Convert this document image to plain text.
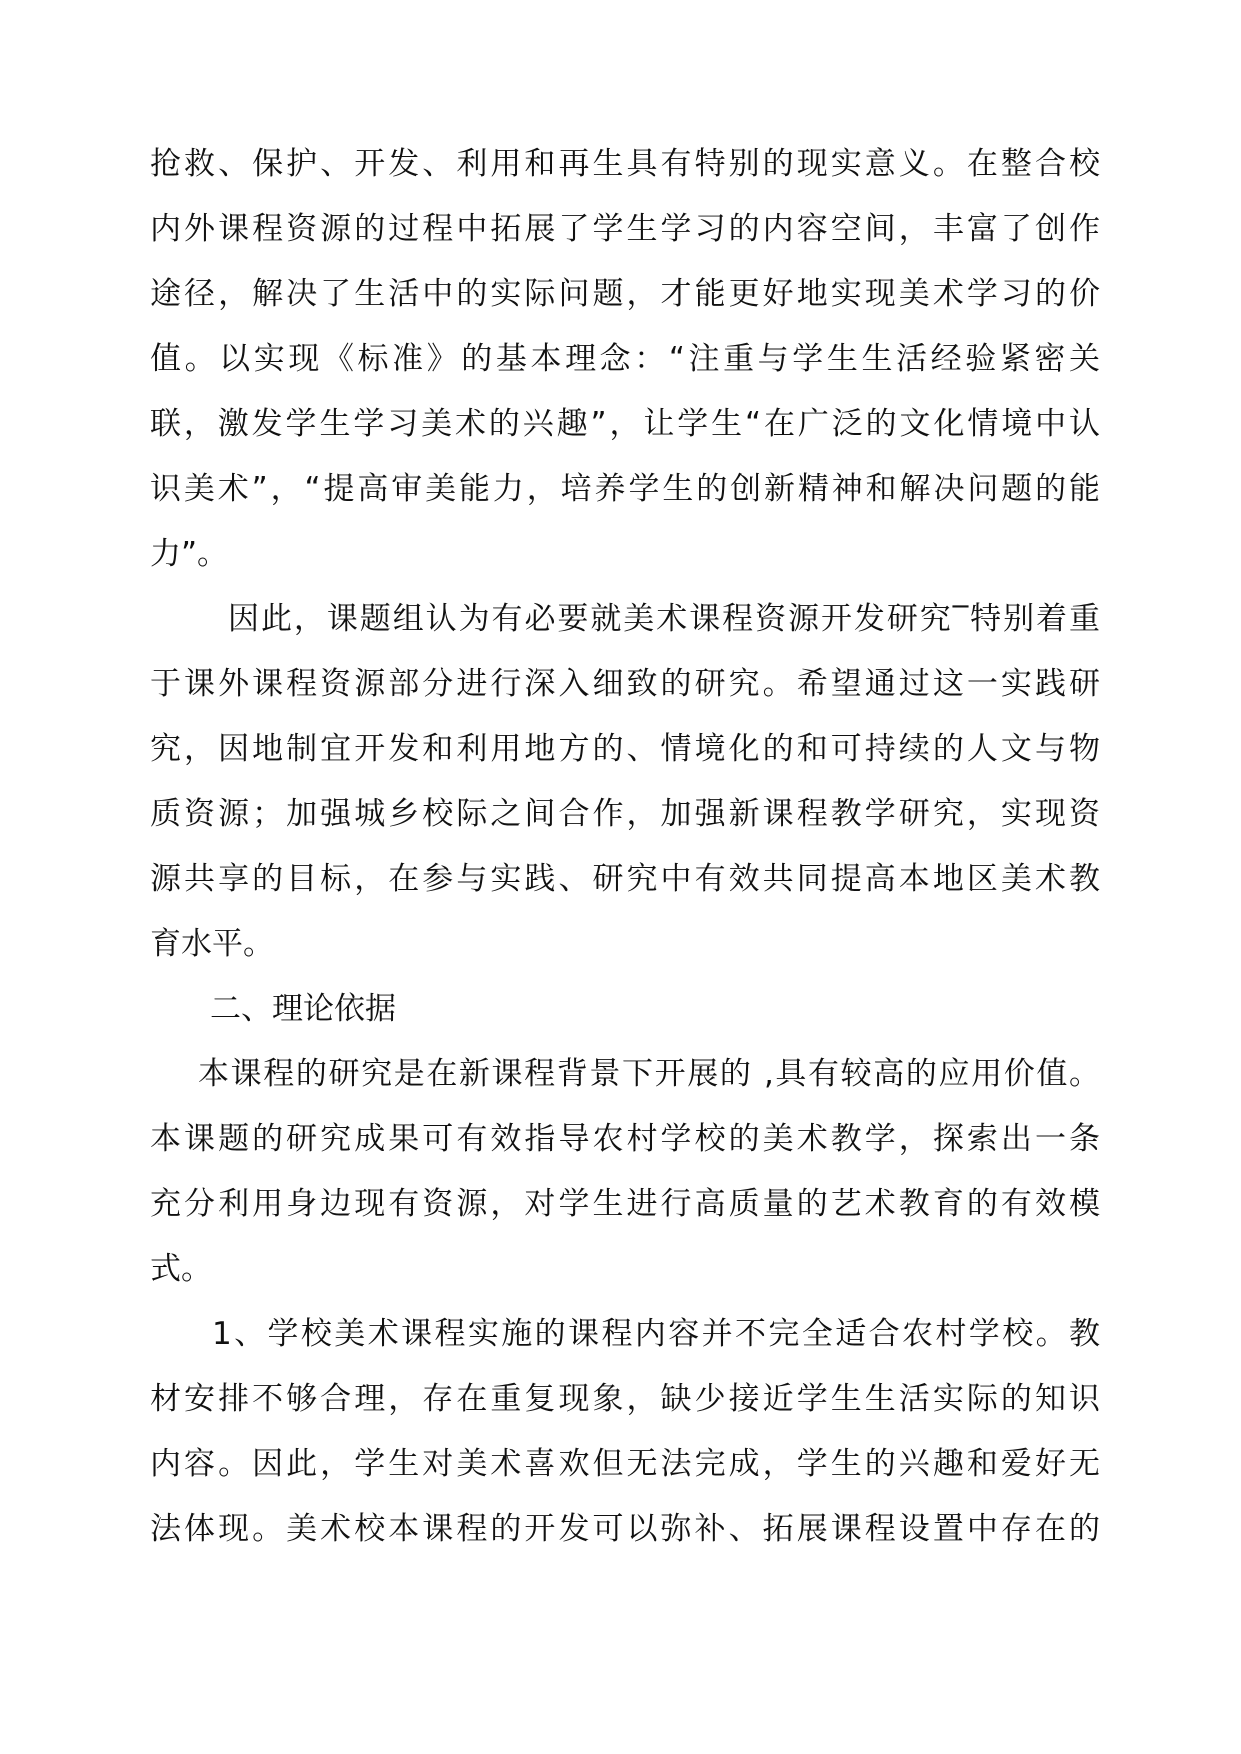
抢救、保护、开发、利用和再生具有特别的现实意义。在整合校
内外课程资源的过程中拓展了学生学习的内容空间，丰富了创作
途径，解决了生活中的实际问题，才能更好地实现美术学习的价
值。以实现《标准》的基本理念：“注重与学生生活经验紧密关
联，激发学生学习美术的兴趣”，让学生“在广泛的文化情境中认
识美术”，“提高审美能力，培养学生的创新精神和解决问题的能
力”。
因此，课题组认为有必要就美术课程资源开发研究‾特别着重
于课外课程资源部分进行深入细致的研究。希望通过这一实践研
究，因地制宜开发和利用地方的、情境化的和可持续的人文与物
质资源；加强城乡校际之间合作，加强新课程教学研究，实现资
源共享的目标，在参与实践、研究中有效共同提高本地区美术教
育水平。
二、理论依据
本课程的研究是在新课程背景下开展的 ,具有较高的应用价值。
本课题的研究成果可有效指导农村学校的美术教学，探索出一条
充分利用身边现有资源，对学生进行高质量的艺术教育的有效模
式。
1、学校美术课程实施的课程内容并不完全适合农村学校。教
材安排不够合理，存在重复现象，缺少接近学生生活实际的知识
内容。因此，学生对美术喜欢但无法完成，学生的兴趣和爱好无
法体现。美术校本课程的开发可以弥补、拓展课程设置中存在的
